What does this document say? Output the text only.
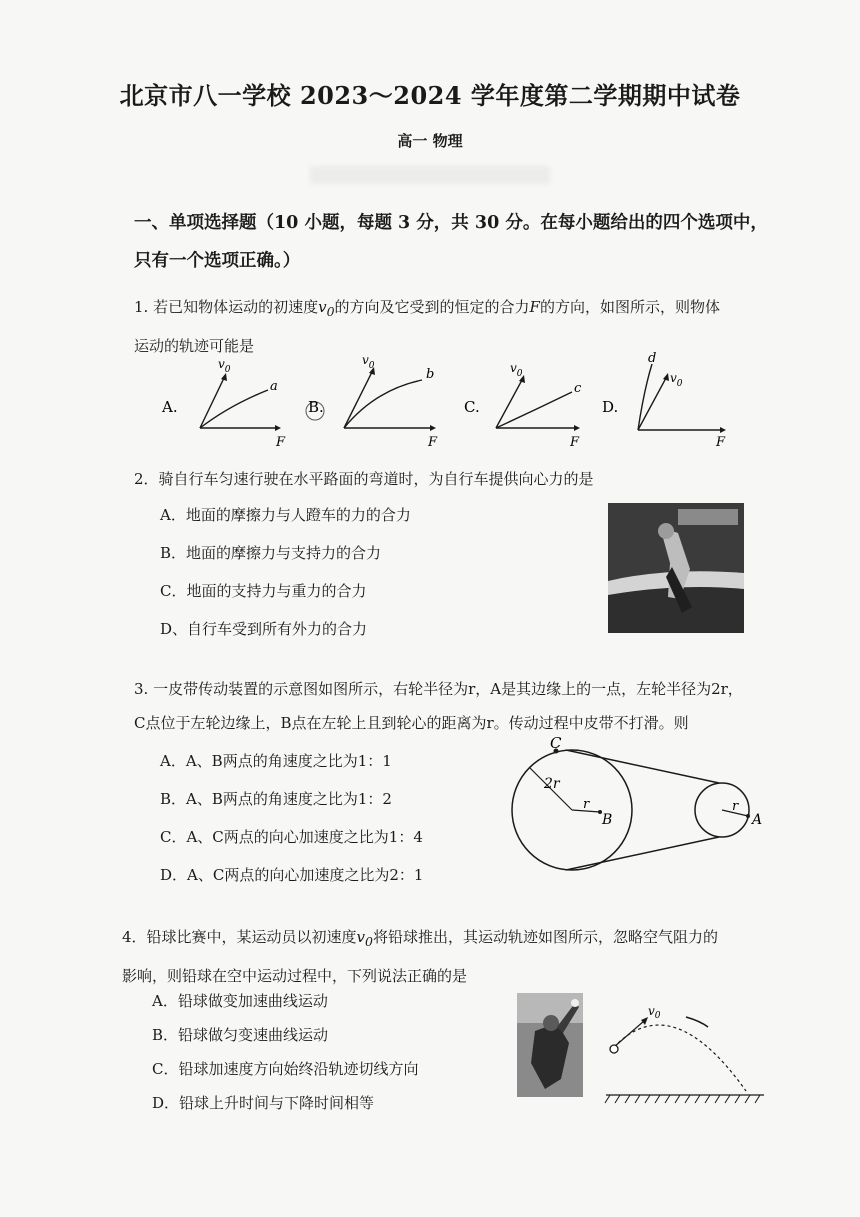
北京市八一学校 2023～2024 学年度第二学期期中试卷
高一 物理
一、单项选择题（10 小题，每题 3 分，共 30 分。在每小题给出的四个选项中，
只有一个选项正确。）
1. 若已知物体运动的初速度$v_0$的方向及它受到的恒定的合力F的方向，如图所示，则物体
运动的轨迹可能是
A.
$v_0$
a
F
B.
$v_0$
b
F
C.
$v_0$
c
F
D.
$v_0$
d
F
2．骑自行车匀速行驶在水平路面的弯道时，为自行车提供向心力的是
A．地面的摩擦力与人蹬车的力的合力
B．地面的摩擦力与支持力的合力
C．地面的支持力与重力的合力
D、自行车受到所有外力的合力
3. 一皮带传动装置的示意图如图所示，右轮半径为r，A是其边缘上的一点，左轮半径为2r，
C点位于左轮边缘上，B点在左轮上且到轮心的距离为r。传动过程中皮带不打滑。则
A．A、B两点的角速度之比为1：1
B．A、B两点的角速度之比为1：2
C．A、C两点的向心加速度之比为1：4
D．A、C两点的向心加速度之比为2：1
C
2r
r
B
r
A
4．铅球比赛中，某运动员以初速度$v_0$将铅球推出，其运动轨迹如图所示，忽略空气阻力的
影响，则铅球在空中运动过程中，下列说法正确的是
A．铅球做变加速曲线运动
B．铅球做匀变速曲线运动
C．铅球加速度方向始终沿轨迹切线方向
D．铅球上升时间与下降时间相等
$v_0$
